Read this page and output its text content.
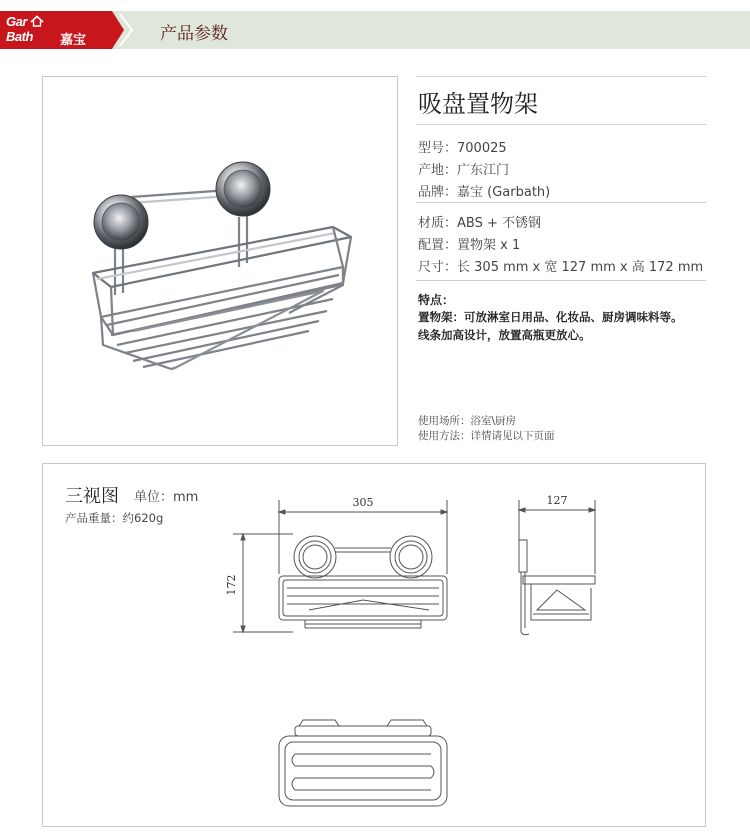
Gar
Bath 嘉宝	产品参数
吸盘置物架
型号：700025
产地：广东江门
品牌：嘉宝 (Garbath)
材质：ABS + 不锈钢
配置：置物架 x 1
尺寸：长 305 mm x 宽 127 mm x 高 172 mm
特点：
置物架：可放淋室日用品、化妆品、厨房调味料等。
线条加高设计，放置高瓶更放心。
使用场所：浴室\厨房
使用方法：详情请见以下页面
三视图 单位：mm
产品重量：约620g
305
172
127
